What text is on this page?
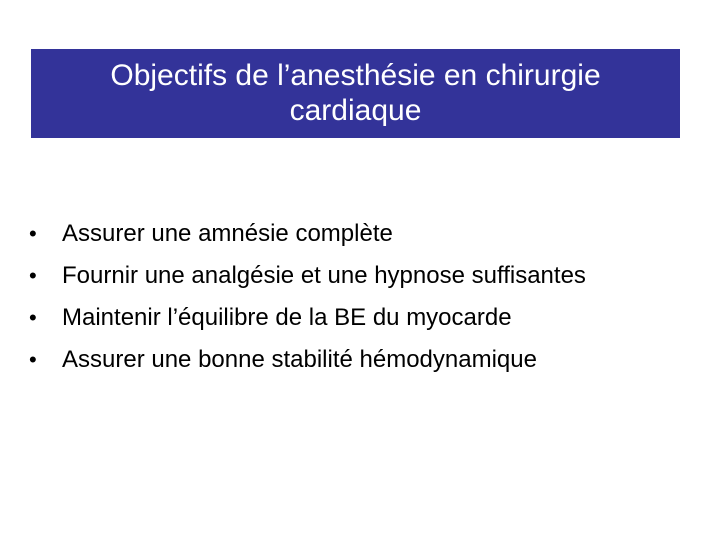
Objectifs de l’anesthésie en chirurgie
cardiaque
• Assurer une amnésie complète
• Fournir une analgésie et une hypnose suffisantes
• Maintenir l’équilibre de la BE du myocarde
• Assurer une bonne stabilité hémodynamique
